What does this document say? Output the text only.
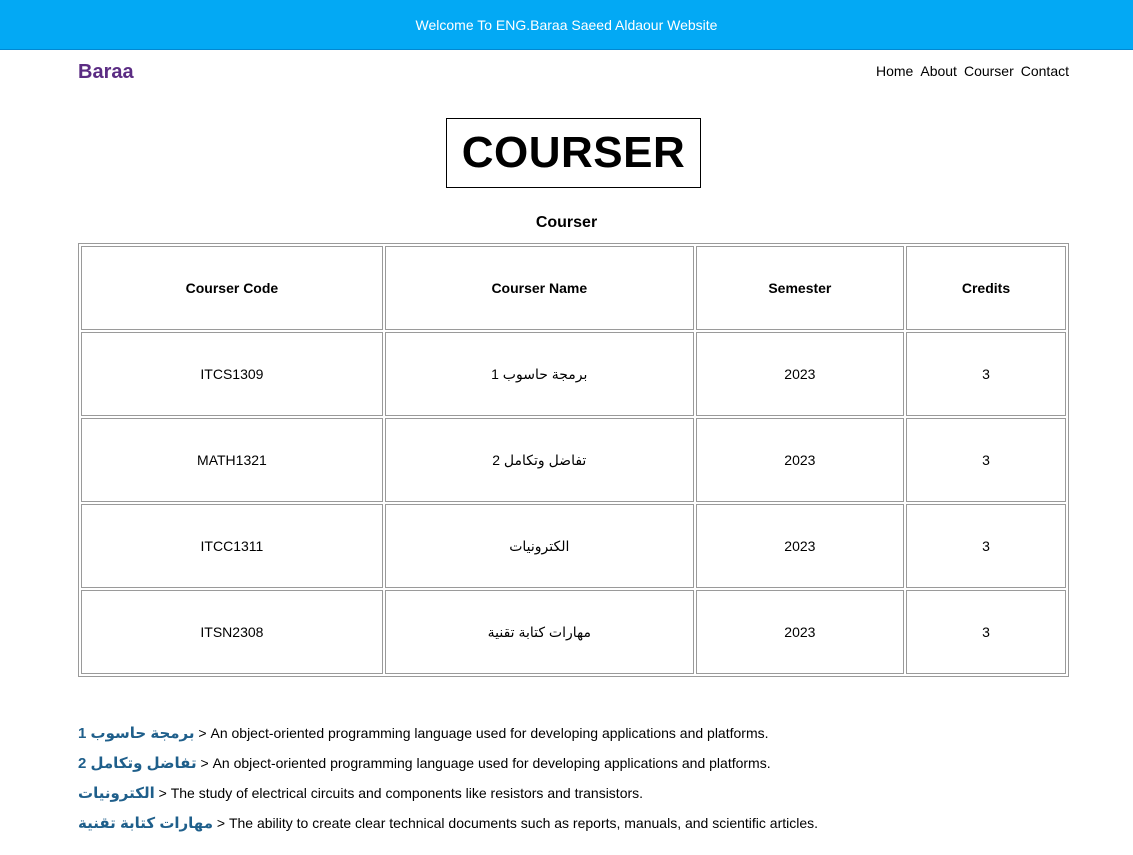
Welcome To ENG.Baraa Saeed Aldaour Website
Baraa	Home About Courser Contact
COURSER
Courser
Courser Code	Courser Name	Semester	Credits
ITCS1309	برمجة حاسوب 1	2023	3
MATH1321	تفاضل وتكامل 2	2023	3
ITCC1311	الكترونيات	2023	3
ITSN2308	مهارات كتابة تقنية	2023	3
برمجة حاسوب 1 > An object-oriented programming language used for developing applications and platforms.
تفاضل وتكامل 2 > An object-oriented programming language used for developing applications and platforms.
الكترونيات > The study of electrical circuits and components like resistors and transistors.
مهارات كتابة تقنية > The ability to create clear technical documents such as reports, manuals, and scientific articles.
